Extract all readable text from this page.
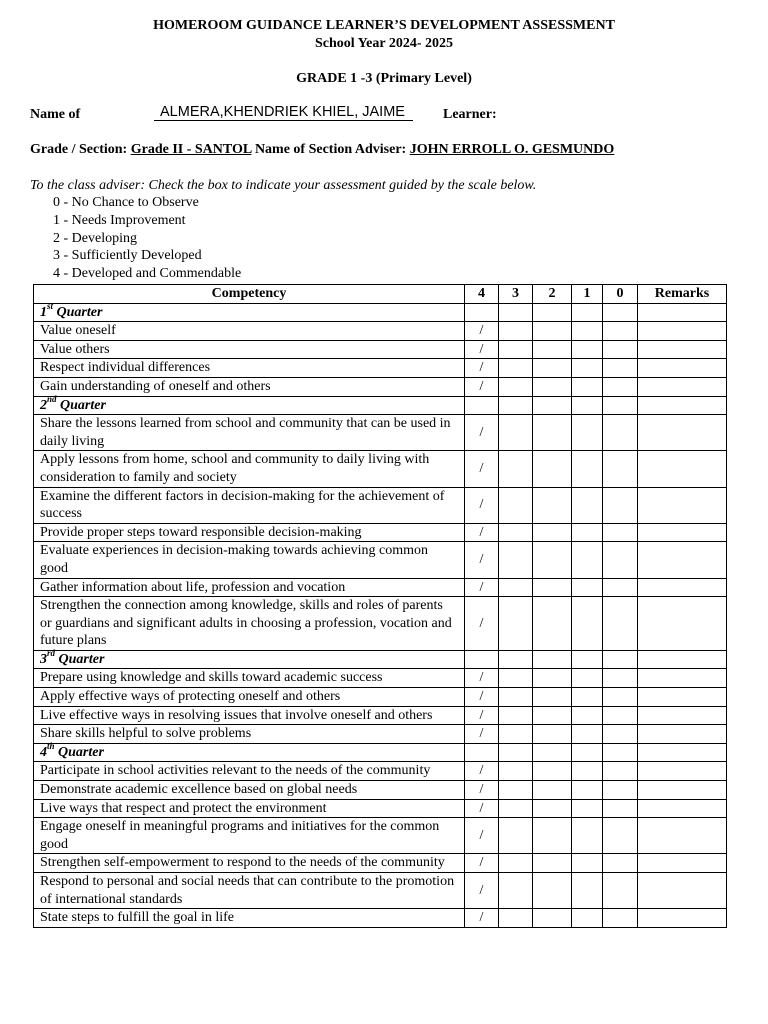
HOMEROOM GUIDANCE LEARNER’S DEVELOPMENT ASSESSMENT
School Year 2024- 2025
GRADE 1 -3 (Primary Level)
Name of	ALMERA,KHENDRIEK KHIEL, JAIME	Learner:
Grade / Section: Grade II - SANTOL Name of Section Adviser: JOHN ERROLL O. GESMUNDO
To the class adviser: Check the box to indicate your assessment guided by the scale below.
0 - No Chance to Observe
1 - Needs Improvement
2 - Developing
3 - Sufficiently Developed
4 - Developed and Commendable
Competency	4	3	2	1	0	Remarks
1st Quarter						
Value oneself	/					
Value others	/					
Respect individual differences	/					
Gain understanding of oneself and others	/					
2nd Quarter						
Share the lessons learned from school and community that can be used in daily living	/					
Apply lessons from home, school and community to daily living with consideration to family and society	/					
Examine the different factors in decision-making for the achievement of success	/					
Provide proper steps toward responsible decision-making	/					
Evaluate experiences in decision-making towards achieving common good	/					
Gather information about life, profession and vocation	/					
Strengthen the connection among knowledge, skills and roles of parents or guardians and significant adults in choosing a profession, vocation and future plans	/					
3rd Quarter						
Prepare using knowledge and skills toward academic success	/					
Apply effective ways of protecting oneself and others	/					
Live effective ways in resolving issues that involve oneself and others	/					
Share skills helpful to solve problems	/					
4th Quarter						
Participate in school activities relevant to the needs of the community	/					
Demonstrate academic excellence based on global needs	/					
Live ways that respect and protect the environment	/					
Engage oneself in meaningful programs and initiatives for the common good	/					
Strengthen self-empowerment to respond to the needs of the community	/					
Respond to personal and social needs that can contribute to the promotion of international standards	/					
State steps to fulfill the goal in life	/					
